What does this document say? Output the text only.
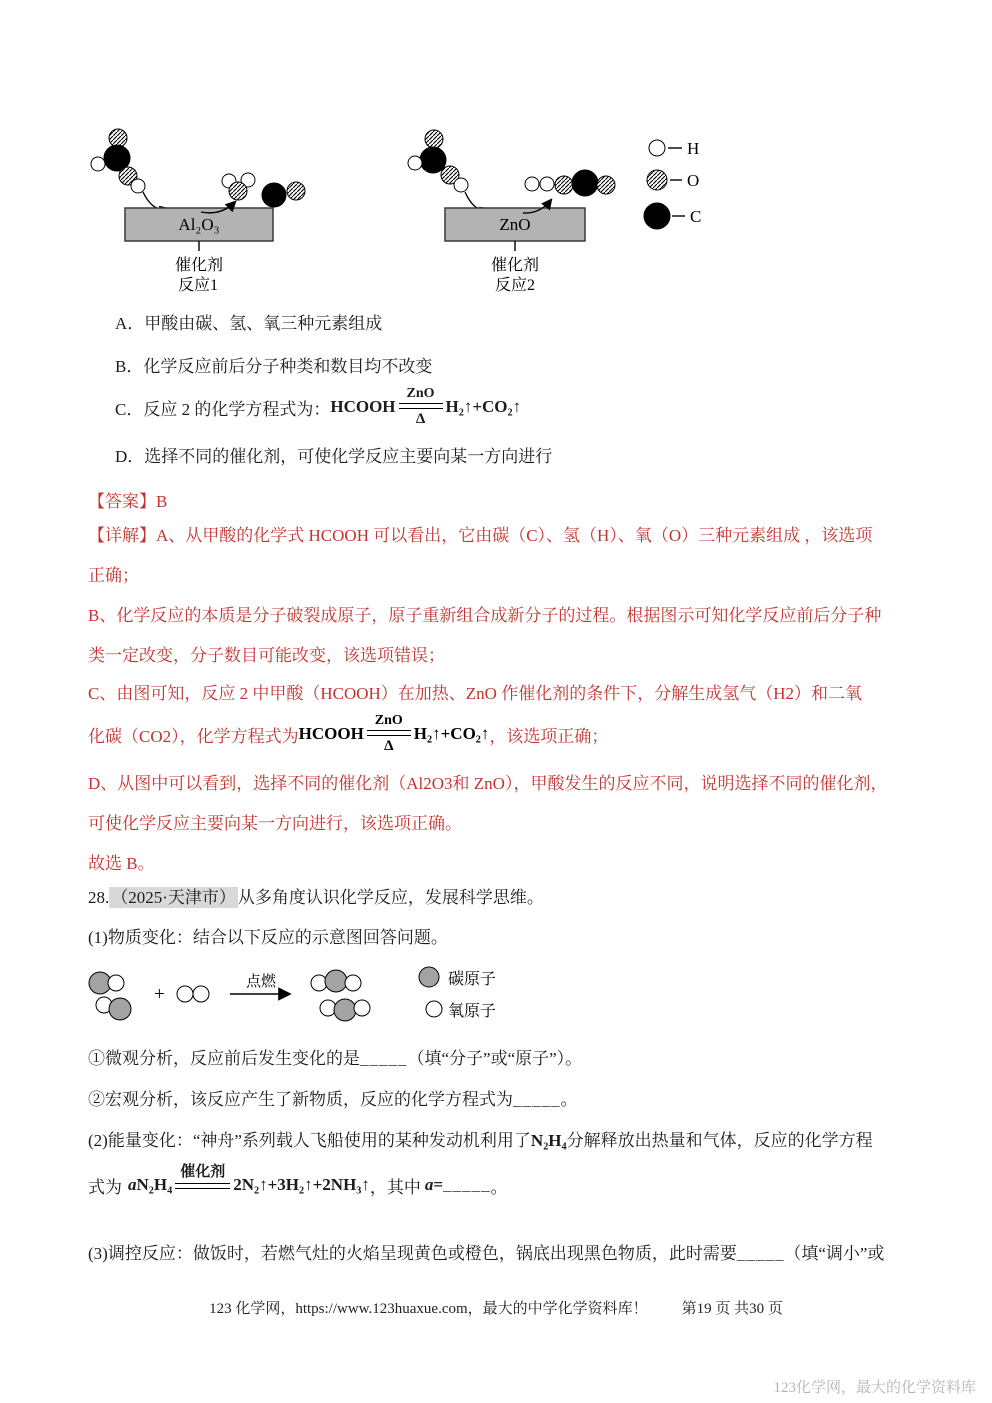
Al₂O₃
催化剂
反应1
ZnO
催化剂
反应2
H
O
C
A．甲酸由碳、氢、氧三种元素组成
B．化学反应前后分子种类和数目均不改变
C． 反应 2 的化学方程式为： HCOOH
ZnO
Δ
H₂↑+CO₂↑
D．选择不同的催化剂，可使化学反应主要向某一方向进行
【答案】B
【详解】A、从甲酸的化学式 HCOOH 可以看出，它由碳（C）、氢（H）、氧（O）三种元素组成 ，该选项
正确；
B、化学反应的本质是分子破裂成原子，原子重新组合成新分子的过程。根据图示可知化学反应前后分子种
类一定改变，分子数目可能改变，该选项错误；
C、由图可知，反应 2 中甲酸（HCOOH）在加热、ZnO 作催化剂的条件下，分解生成氢气（H2）和二氧
化碳（CO2），化学方程式为 HCOOH
ZnO
Δ
H₂↑+CO₂↑ ，该选项正确；
D、从图中可以看到，选择不同的催化剂（Al2O3和 ZnO），甲酸发生的反应不同，说明选择不同的催化剂，
可使化学反应主要向某一方向进行，该选项正确。
故选 B。
28. （2025·天津市） 从多角度认识化学反应，发展科学思维。
(1)物质变化：结合以下反应的示意图回答问题。
+
点燃	碳原子
氧原子
①微观分析，反应前后发生变化的是_____（填“分子”或“原子”）。
②宏观分析，该反应产生了新物质，反应的化学方程式为_____。
(2)能量变化：“神舟”系列载人飞船使用的某种发动机利用了N₂H₄分解释放出热量和气体，反应的化学方程
式为 a N₂H₄
催化剂
2N₂↑+3H₂↑+2NH₃↑ ，其中 a = _____ 。
(3)调控反应：做饭时，若燃气灶的火焰呈现黄色或橙色，锅底出现黑色物质，此时需要_____（填“调小”或
123 化学网，https://www.123huaxue.com，最大的中学化学资料库！ 第19 页 共30 页
123化学网，最大的化学资料库
